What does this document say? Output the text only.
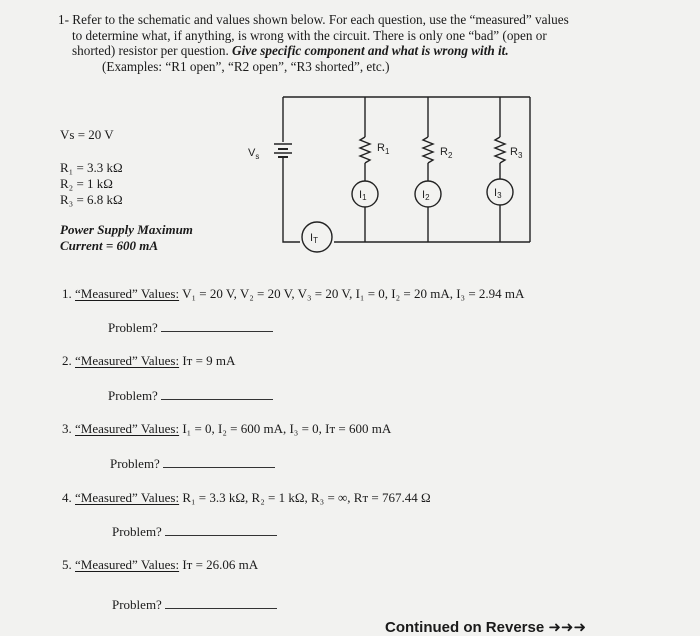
1- Refer to the schematic and values shown below. For each question, use the “measured” values
to determine what, if anything, is wrong with the circuit. There is only one “bad” (open or
shorted) resistor per question. Give specific component and what is wrong with it.
(Examples: “R1 open”, “R2 open”, “R3 shorted”, etc.)
Vs = 20 V
R₁ = 3.3 kΩ
R₂ = 1 kΩ
R₃ = 6.8 kΩ
Power Supply Maximum
Current = 600 mA
$V_s$
$R_1$	$R_2$	$R_3$
I1	I2	I3
IT
1. “Measured” Values: V₁ = 20 V, V₂ = 20 V, V₃ = 20 V, I₁ = 0, I₂ = 20 mA, I₃ = 2.94 mA
Problem?
2. “Measured” Values: Iᴛ = 9 mA
Problem?
3. “Measured” Values: I₁ = 0, I₂ = 600 mA, I₃ = 0, Iᴛ = 600 mA
Problem?
4. “Measured” Values: R₁ = 3.3 kΩ, R₂ = 1 kΩ, R₃ = ∞, Rᴛ = 767.44 Ω
Problem?
5. “Measured” Values: Iᴛ = 26.06 mA
Problem?
Continued on Reverse ➜➜➜
